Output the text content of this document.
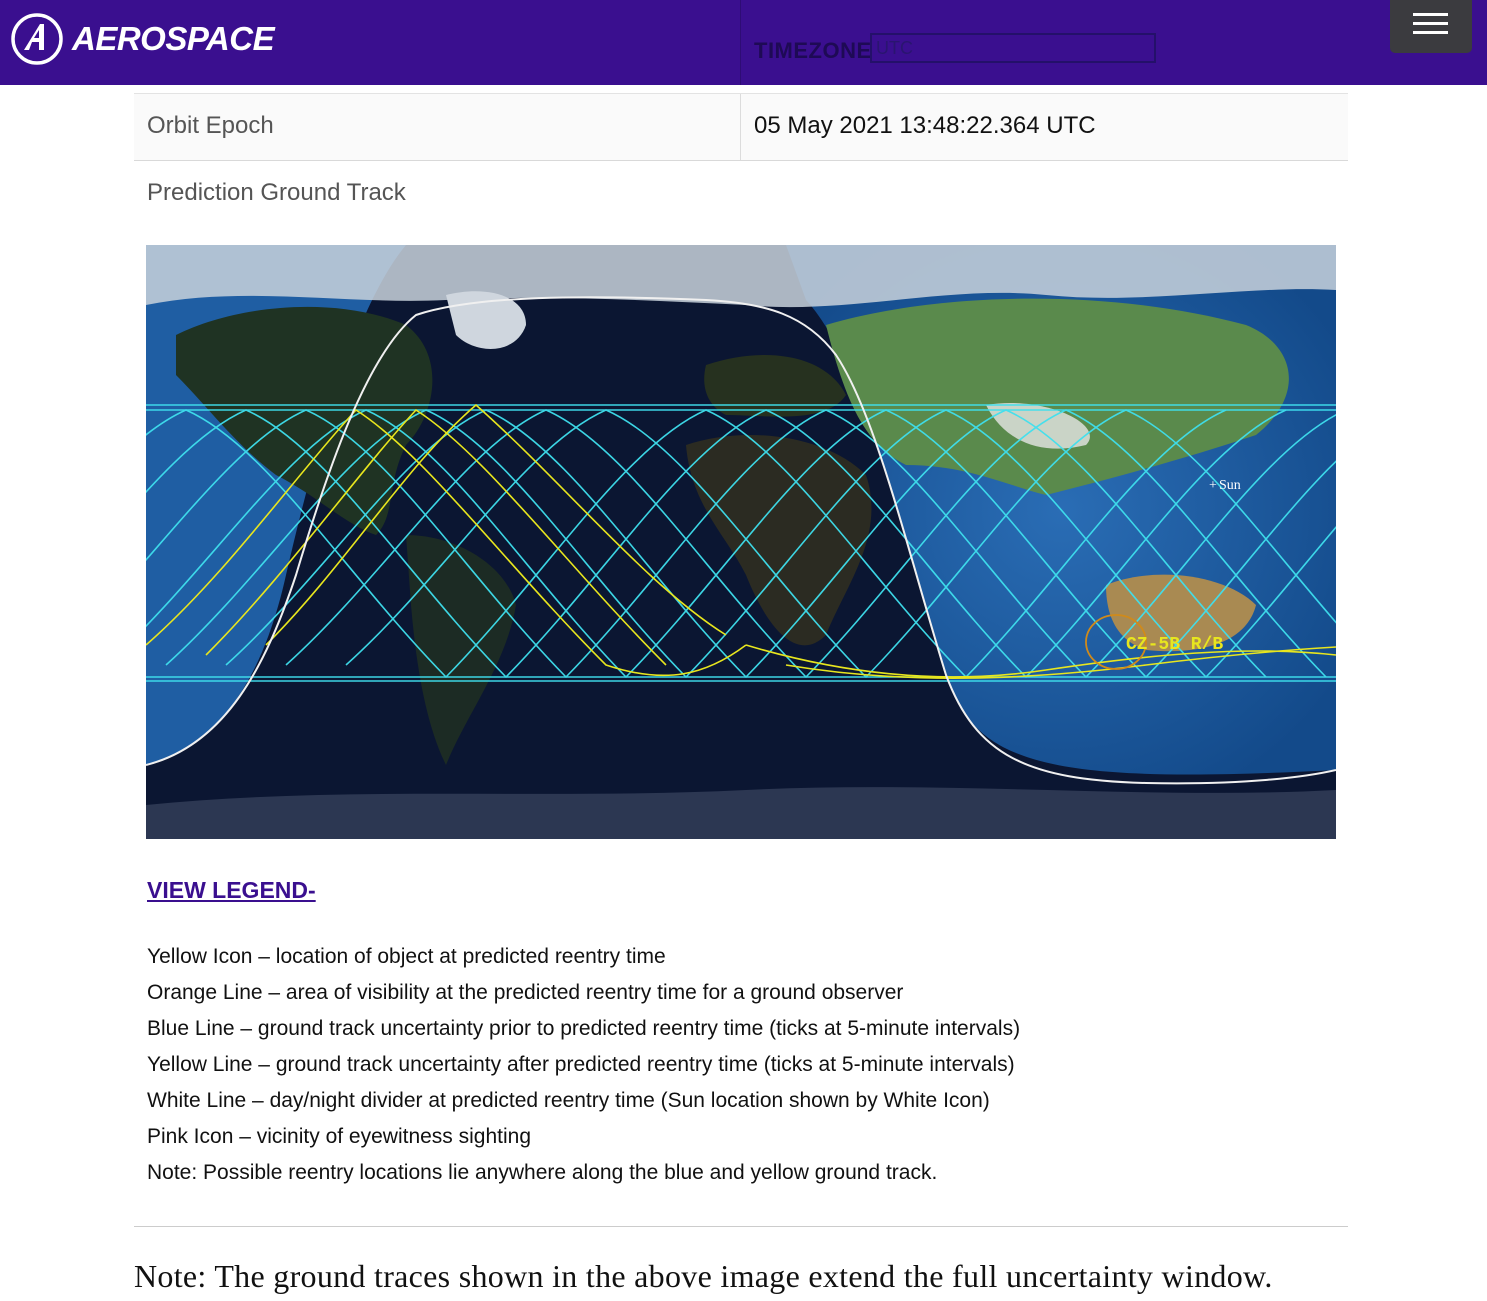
AEROSPACE	TIMEZONE
UTC
Orbit Epoch	05 May 2021 13:48:22.364 UTC
Prediction Ground Track
+ Sun
CZ-5B R/B
VIEW LEGEND-
Yellow Icon – location of object at predicted reentry time
Orange Line – area of visibility at the predicted reentry time for a ground observer
Blue Line – ground track uncertainty prior to predicted reentry time (ticks at 5-minute intervals)
Yellow Line – ground track uncertainty after predicted reentry time (ticks at 5-minute intervals)
White Line – day/night divider at predicted reentry time (Sun location shown by White Icon)
Pink Icon – vicinity of eyewitness sighting
Note: Possible reentry locations lie anywhere along the blue and yellow ground track.
Note: The ground traces shown in the above image extend the full uncertainty window.
